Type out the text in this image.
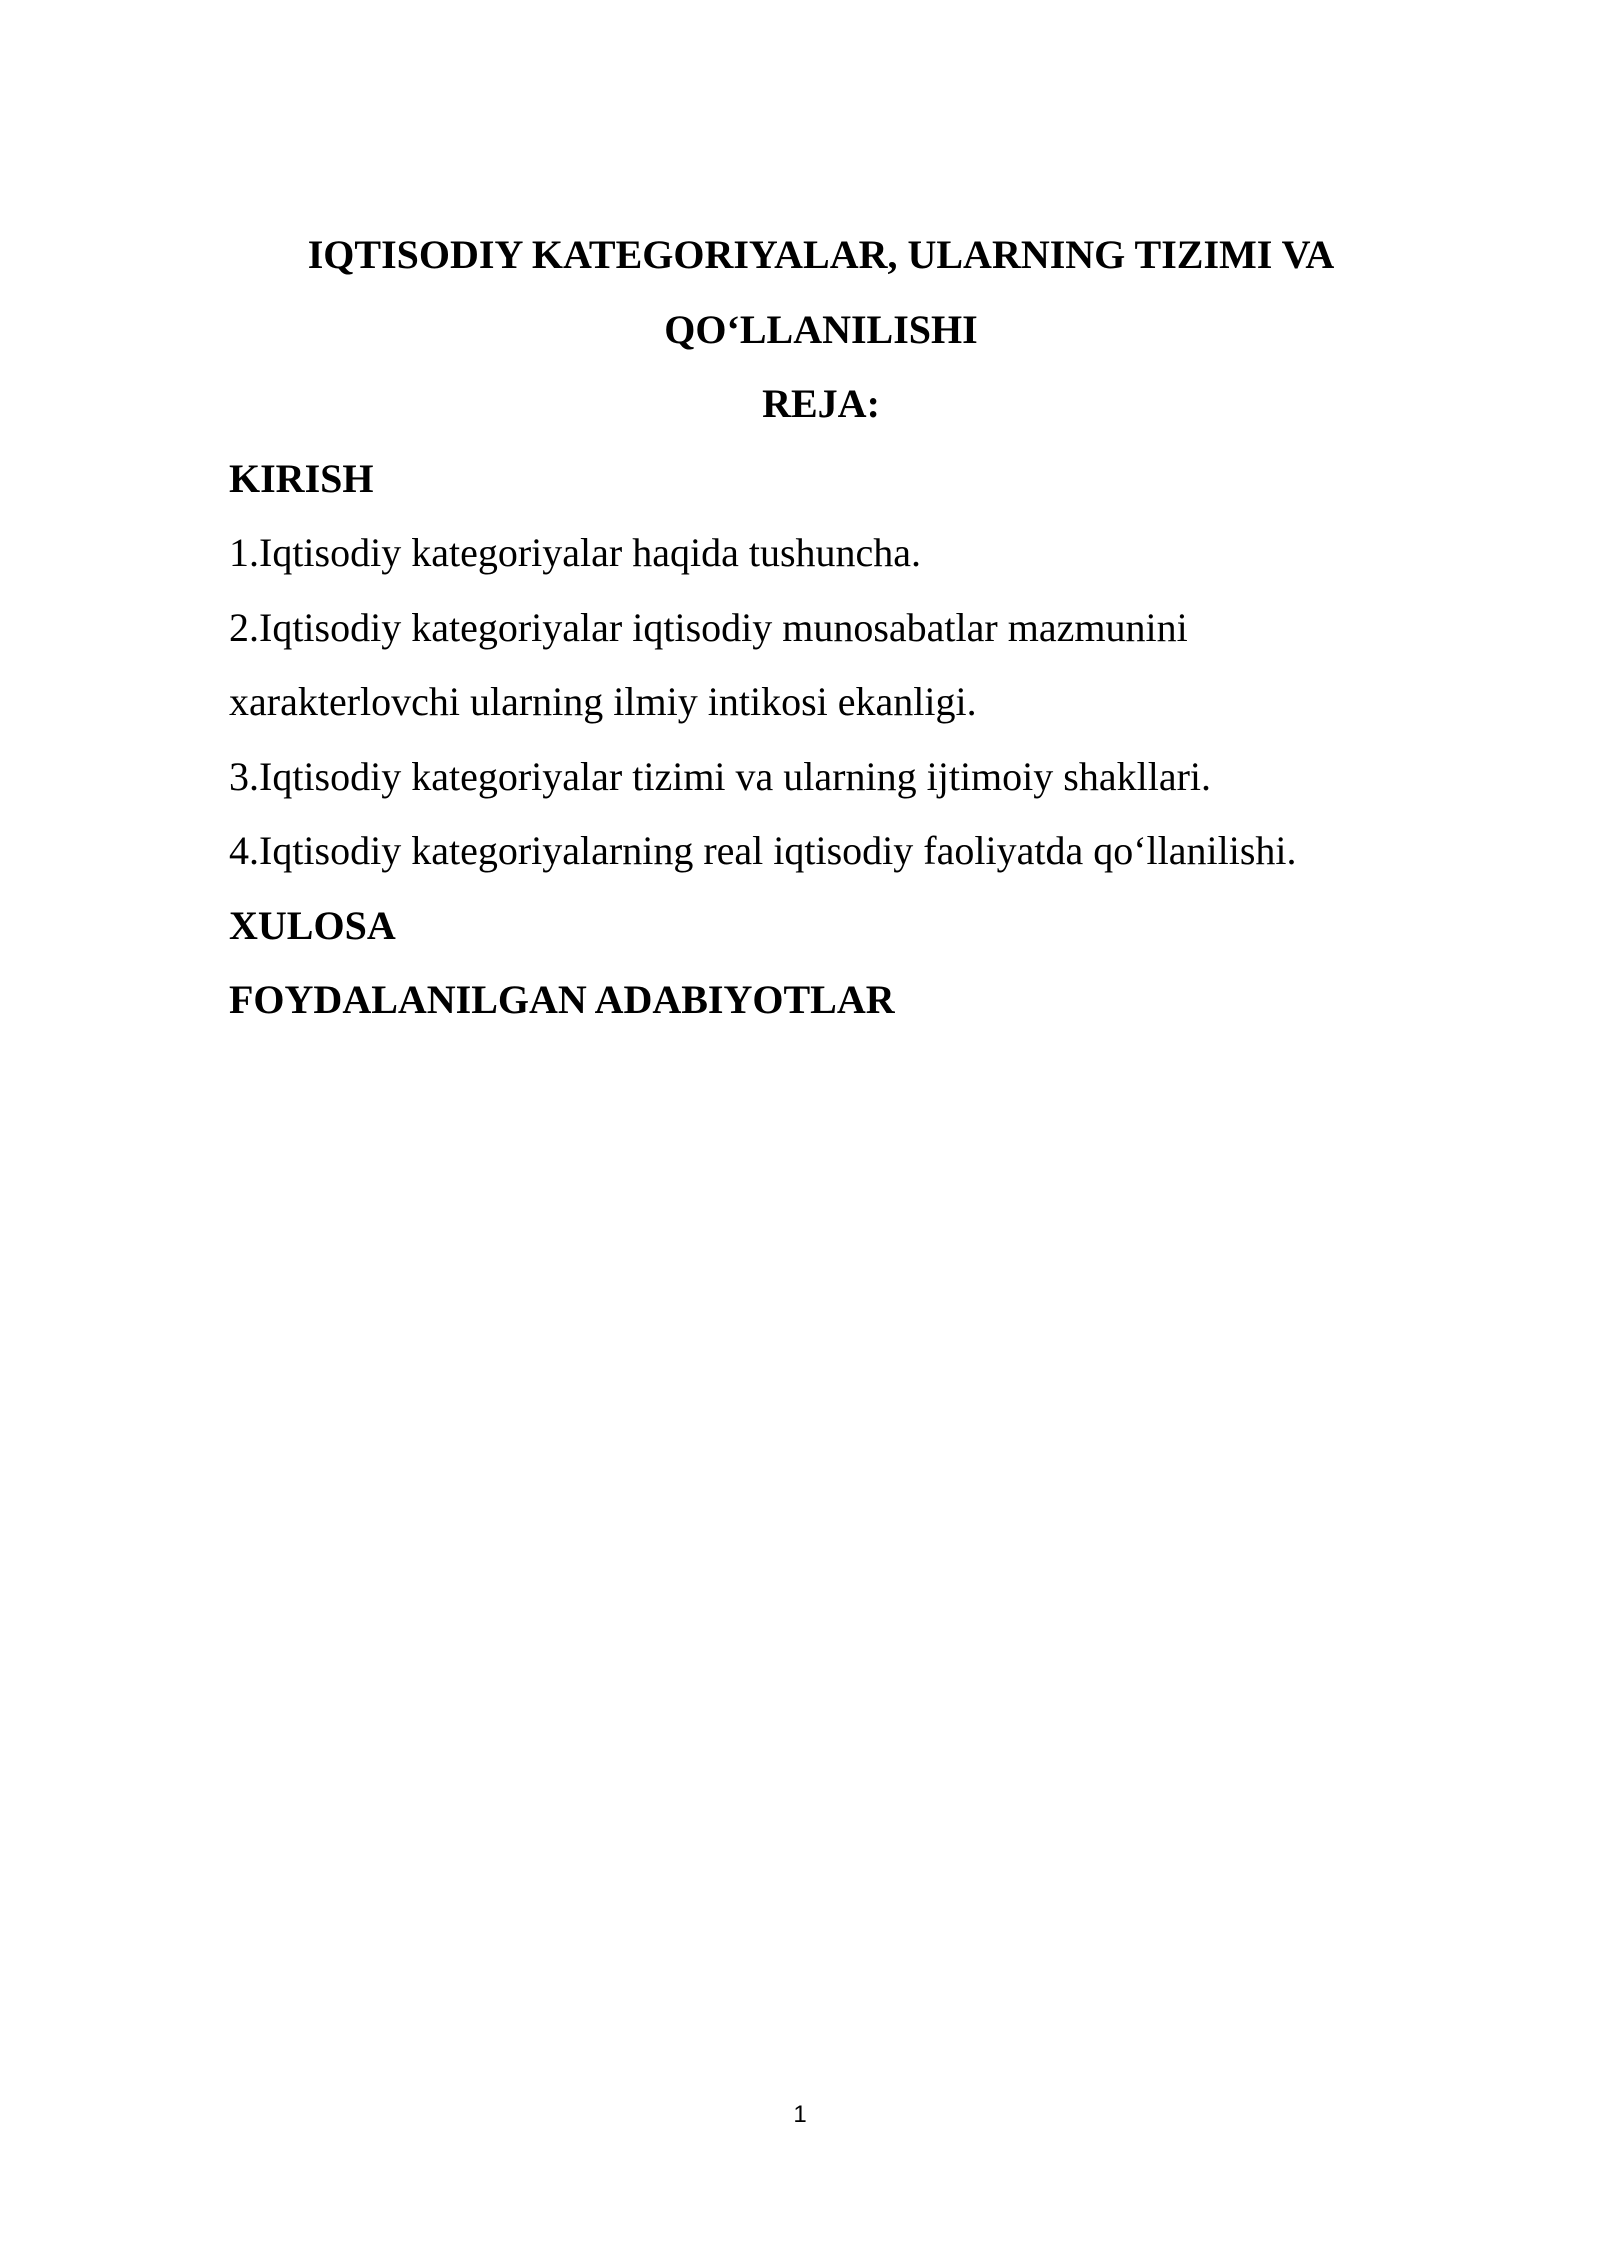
IQTISODIY KATEGORIYALAR, ULARNING TIZIMI VA
QO‘LLANILISHI
REJA:
KIRISH
1.Iqtisodiy kategoriyalar haqida tushuncha.
2.Iqtisodiy kategoriyalar iqtisodiy munosabatlar mazmunini
xarakterlovchi ularning ilmiy intikosi ekanligi.
3.Iqtisodiy kategoriyalar tizimi va ularning ijtimoiy shakllari.
4.Iqtisodiy kategoriyalarning real iqtisodiy faoliyatda qo‘llanilishi.
XULOSA
FOYDALANILGAN ADABIYOTLAR
1
